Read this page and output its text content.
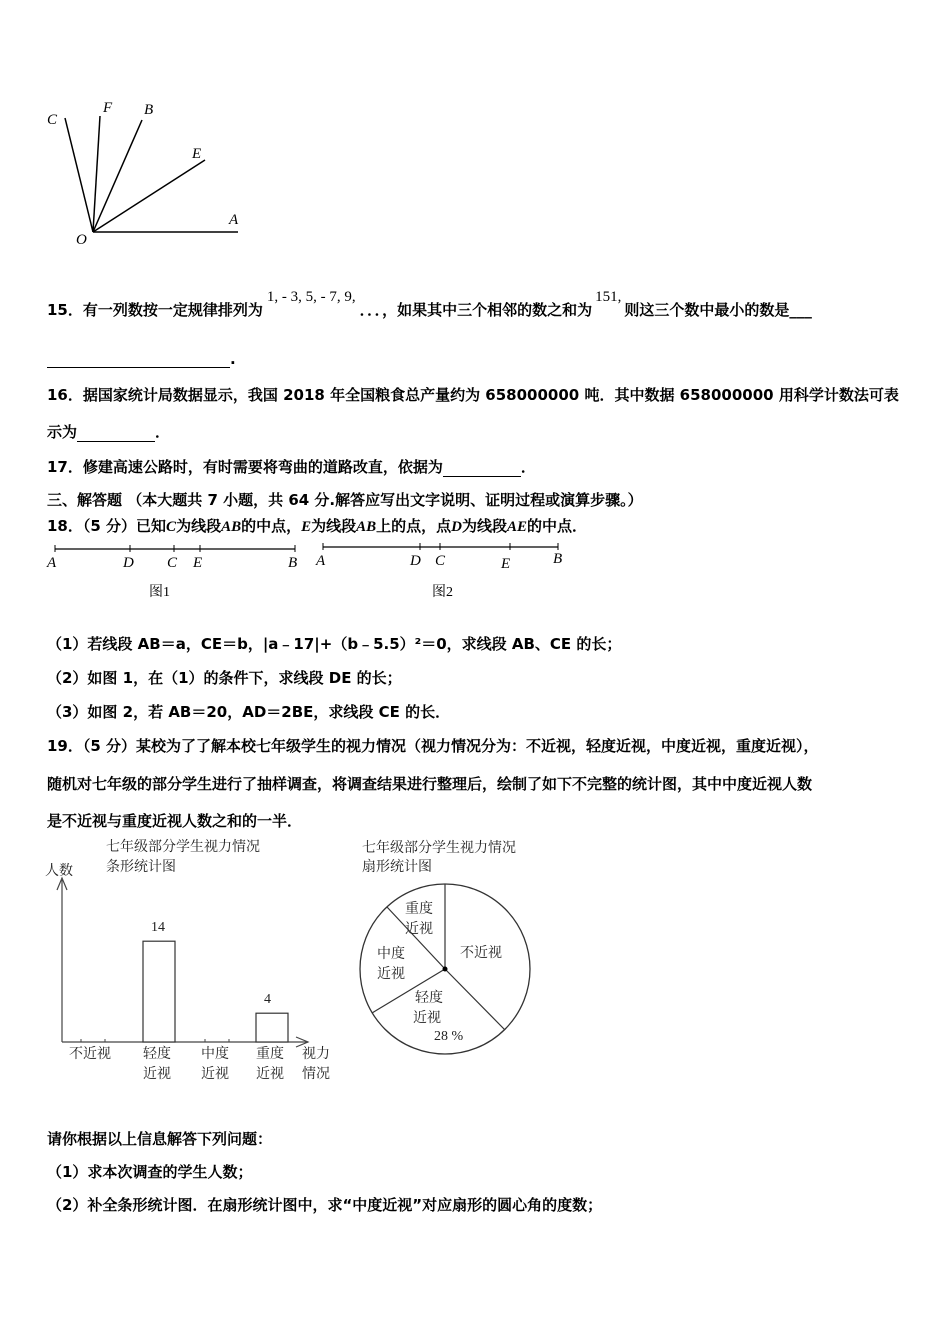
C
F B
E
A
O
15．有一列数按一定规律排列为1, - 3, 5, - 7, 9,．．．，如果其中三个相邻的数之和为151,则这三个数中最小的数是___
.
16．据国家统计局数据显示，我国 2018 年全国粮食总产量约为 658000000 吨．其中数据 658000000 用科学计数法可表
示为	．
17．修建高速公路时，有时需要将弯曲的道路改直，依据为	．
三、解答题 （本大题共 7 小题，共 64 分.解答应写出文字说明、证明过程或演算步骤。）
18．（5 分）已知C为线段AB的中点，E为线段AB上的点，点D为线段AE的中点．
A	D C E	B
图1
A	D C	E	B
图2
（1）若线段 AB＝a，CE＝b，|a﹣17|+（b﹣5.5）²＝0，求线段 AB、CE 的长；
（2）如图 1，在（1）的条件下，求线段 DE 的长；
（3）如图 2，若 AB＝20，AD＝2BE，求线段 CE 的长．
19．（5 分）某校为了了解本校七年级学生的视力情况（视力情况分为：不近视，轻度近视，中度近视，重度近视），
随机对七年级的部分学生进行了抽样调查，将调查结果进行整理后，绘制了如下不完整的统计图，其中中度近视人数
是不近视与重度近视人数之和的一半．
七年级部分学生视力情况
条形统计图
人数
不近视
14
轻度
近视
中度
近视
4
重度
近视
视力
情况
七年级部分学生视力情况
扇形统计图
不近视
轻度
近视
28 %
中度
近视
重度
近视
请你根据以上信息解答下列问题：
（1）求本次调查的学生人数；
（2）补全条形统计图．在扇形统计图中，求“中度近视”对应扇形的圆心角的度数；
